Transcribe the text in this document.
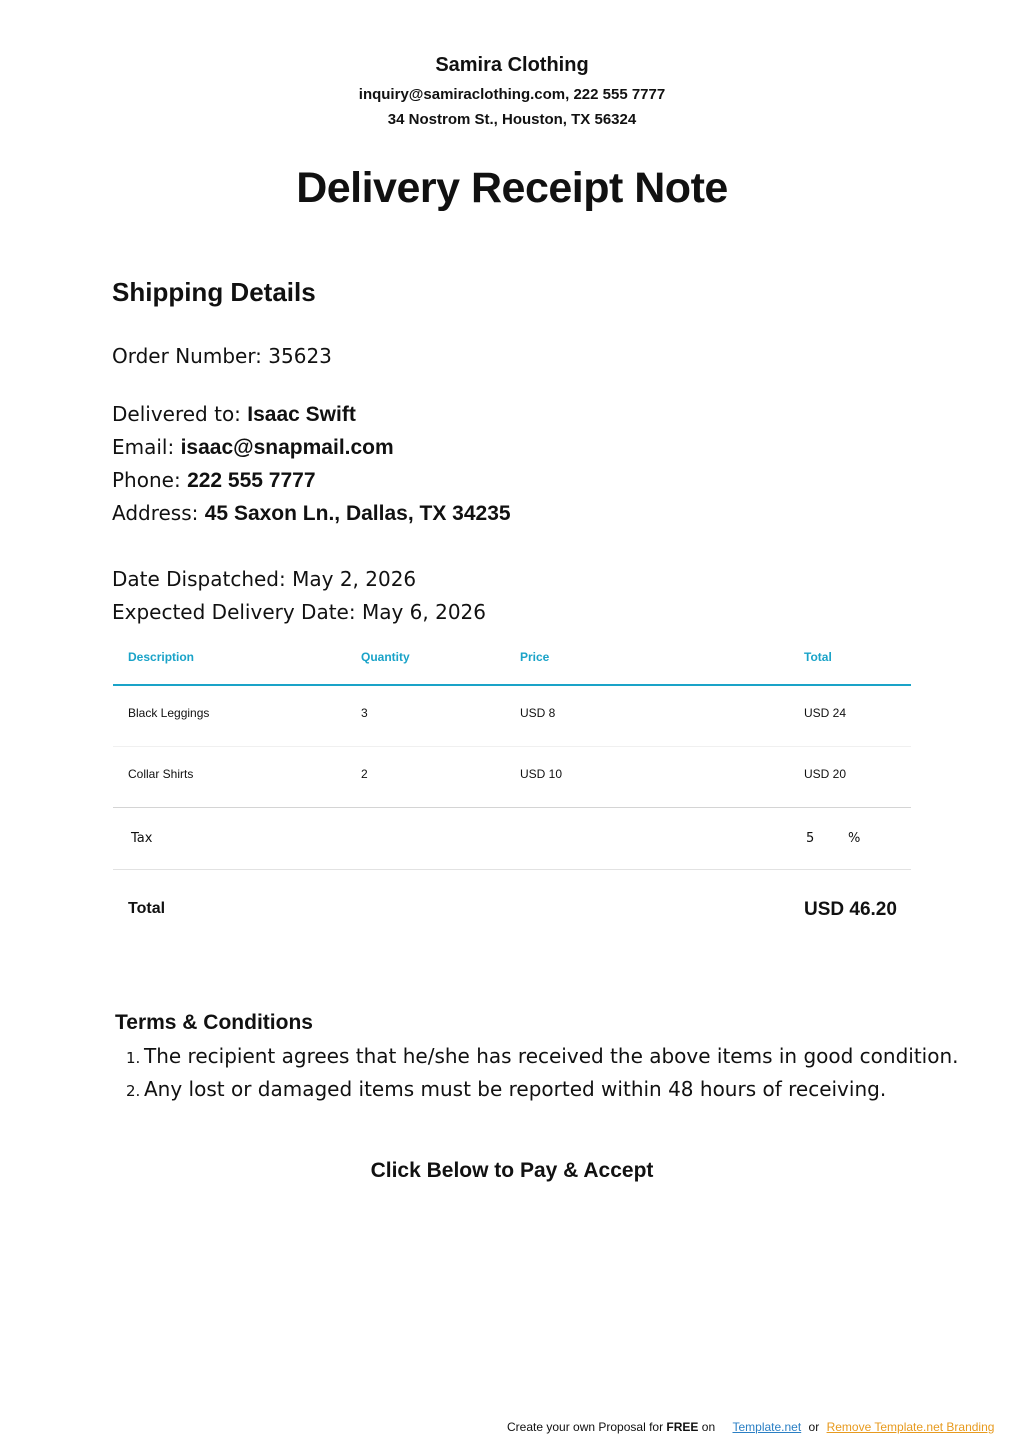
Samira Clothing
inquiry@samiraclothing.com, 222 555 7777
34 Nostrom St., Houston, TX 56324
Delivery Receipt Note
Shipping Details
Order Number: 35623
Delivered to: Isaac Swift
Email: isaac@snapmail.com
Phone: 222 555 7777
Address: 45 Saxon Ln., Dallas, TX 34235
Date Dispatched: May 2, 2026
Expected Delivery Date: May 6, 2026
Description	Quantity	Price	Total
Black Leggings	3	USD 8	USD 24
Collar Shirts	2	USD 10	USD 20
Tax	5	%
Total	USD 46.20
Terms & Conditions
1. The recipient agrees that he/she has received the above items in good condition.
2. Any lost or damaged items must be reported within 48 hours of receiving.
Click Below to Pay & Accept
Create your own Proposal for FREE on Template.net or Remove Template.net Branding
